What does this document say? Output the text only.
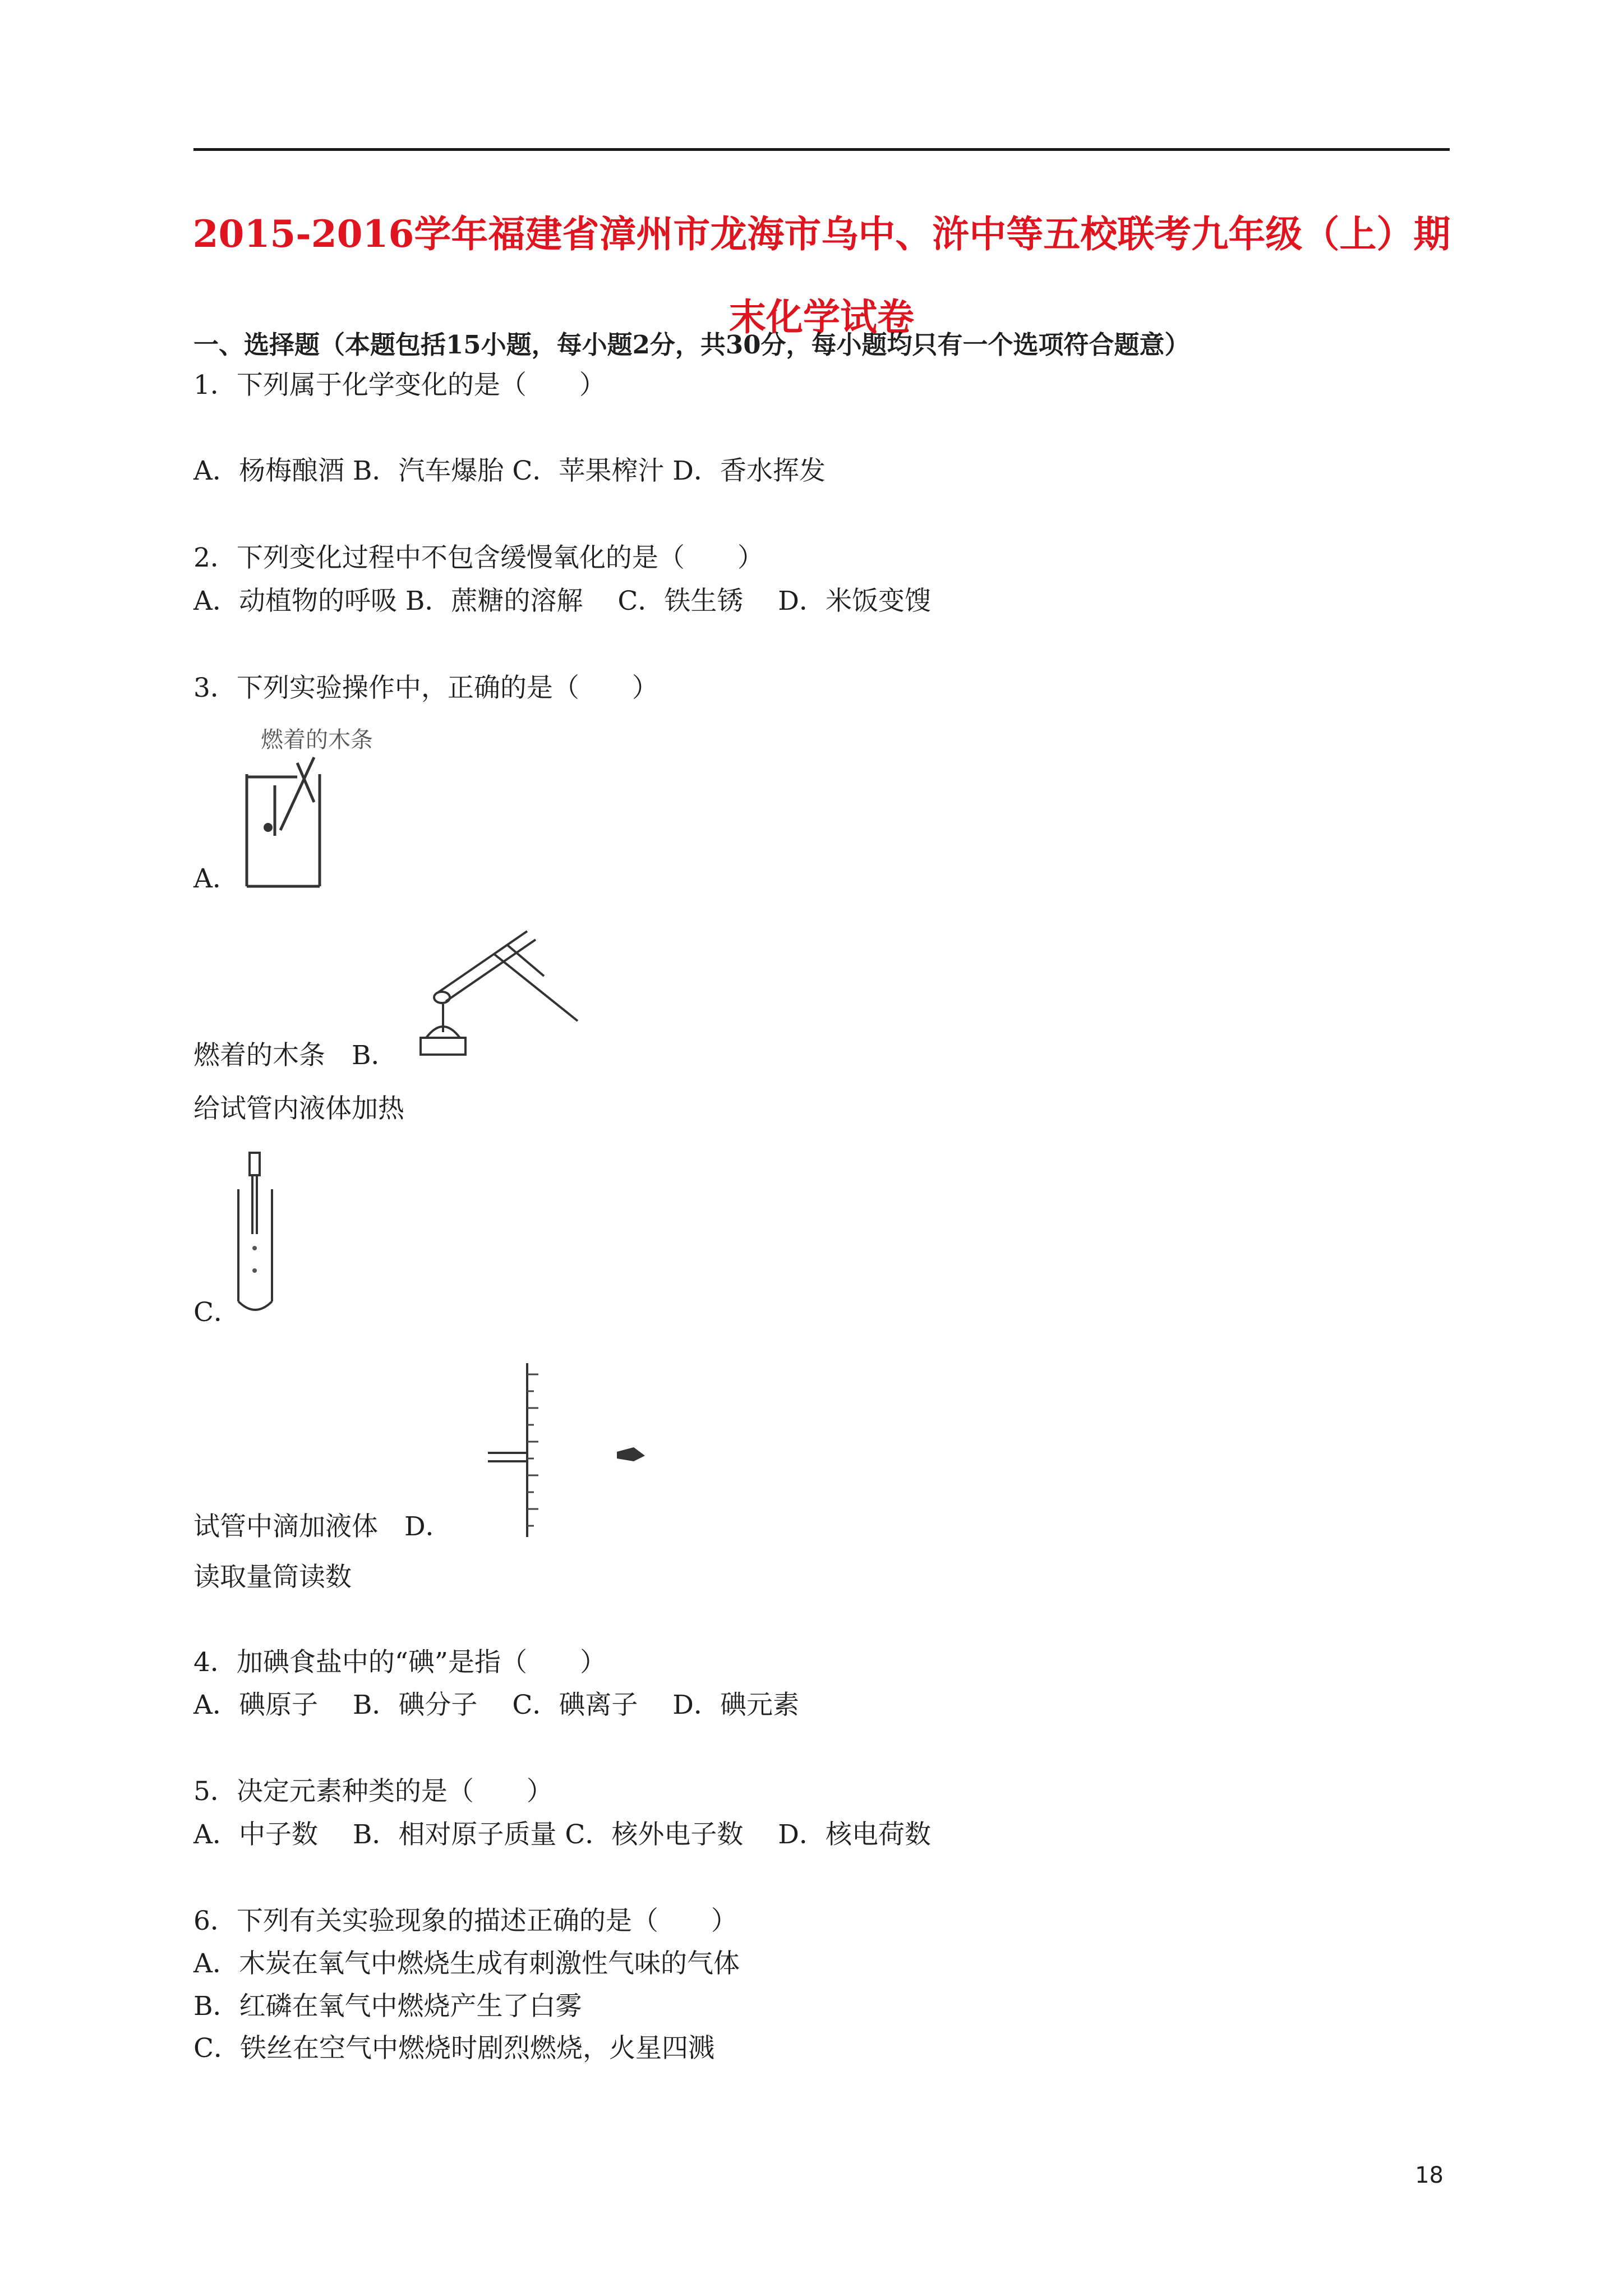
2015-2016学年福建省漳州市龙海市乌中、浒中等五校联考九年级（上）期
末化学试卷
一、选择题（本题包括15小题，每小题2分，共30分，每小题均只有一个选项符合题意）
1．下列属于化学变化的是（　　）
A．杨梅酿酒 B．汽车爆胎 C．苹果榨汁 D．香水挥发
2．下列变化过程中不包含缓慢氧化的是（　　）
A．动植物的呼吸 B．蔗糖的溶解　 C．铁生锈　 D．米饭变馊
3．下列实验操作中，正确的是（　　）
燃着的木条
A．
燃着的木条　B．
给试管内液体加热
C．
试管中滴加液体　D．
读取量筒读数
4．加碘食盐中的“碘”是指（　　）
A．碘原子　 B．碘分子　 C．碘离子　 D．碘元素
5．决定元素种类的是（　　）
A．中子数　 B．相对原子质量 C．核外电子数　 D．核电荷数
6．下列有关实验现象的描述正确的是（　　）
A．木炭在氧气中燃烧生成有刺激性气味的气体
B．红磷在氧气中燃烧产生了白雾
C．铁丝在空气中燃烧时剧烈燃烧，火星四溅
18
